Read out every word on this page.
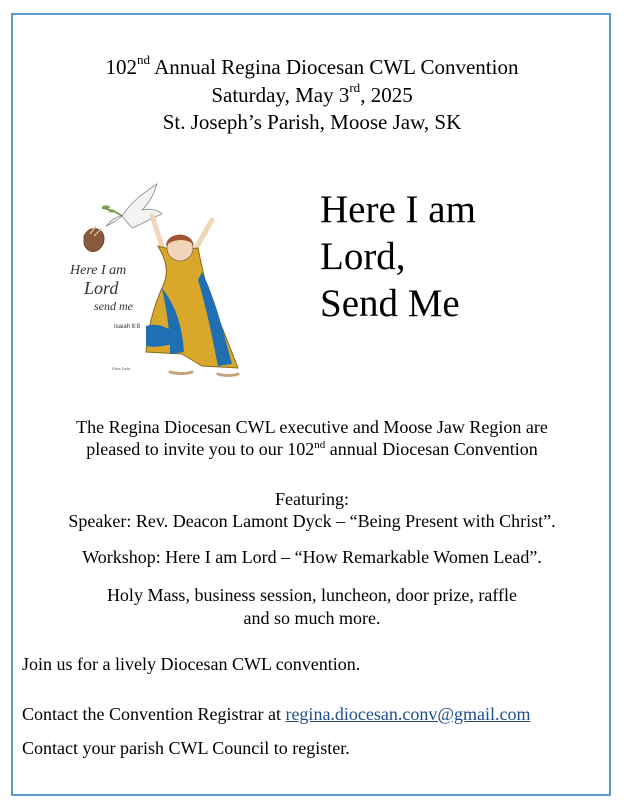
102nd Annual Regina Diocesan CWL Convention
Saturday, May 3rd, 2025
St. Joseph’s Parish, Moose Jaw, SK
Here I am
Lord
send me
Isaiah 6:8
Elise Dehr
Here I am
Lord,
Send Me
The Regina Diocesan CWL executive and Moose Jaw Region are
pleased to invite you to our 102nd annual Diocesan Convention
Featuring:
Speaker: Rev. Deacon Lamont Dyck – “Being Present with Christ”.
Workshop: Here I am Lord – “How Remarkable Women Lead”.
Holy Mass, business session, luncheon, door prize, raffle
and so much more.
Join us for a lively Diocesan CWL convention.
Contact the Convention Registrar at regina.diocesan.conv@gmail.com
Contact your parish CWL Council to register.
